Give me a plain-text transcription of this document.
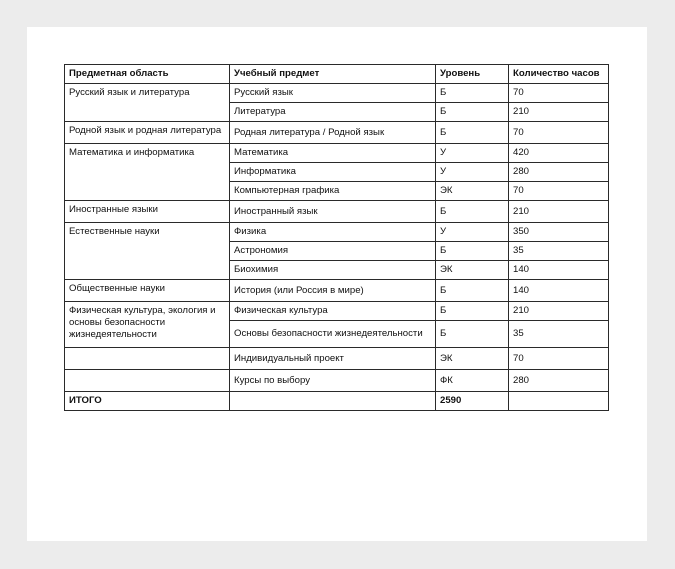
Предметная область	Учебный предмет	Уровень	Количество часов
Русский язык и литература	Русский язык	Б	70
	Литература	Б	210
Родной язык и родная литература	Родная литература / Родной язык	Б	70
Математика и информатика	Математика	У	420
	Информатика	У	280
	Компьютерная графика	ЭК	70
Иностранные языки	Иностранный язык	Б	210
Естественные науки	Физика	У	350
	Астрономия	Б	35
	Биохимия	ЭК	140
Общественные науки	История (или Россия в мире)	Б	140
Физическая культура, экология и основы безопасности жизнедеятельности	Физическая культура	Б	210
	Основы безопасности жизнедеятельности	Б	35
	Индивидуальный проект	ЭК	70
	Курсы по выбору	ФК	280
ИТОГО		2590	
